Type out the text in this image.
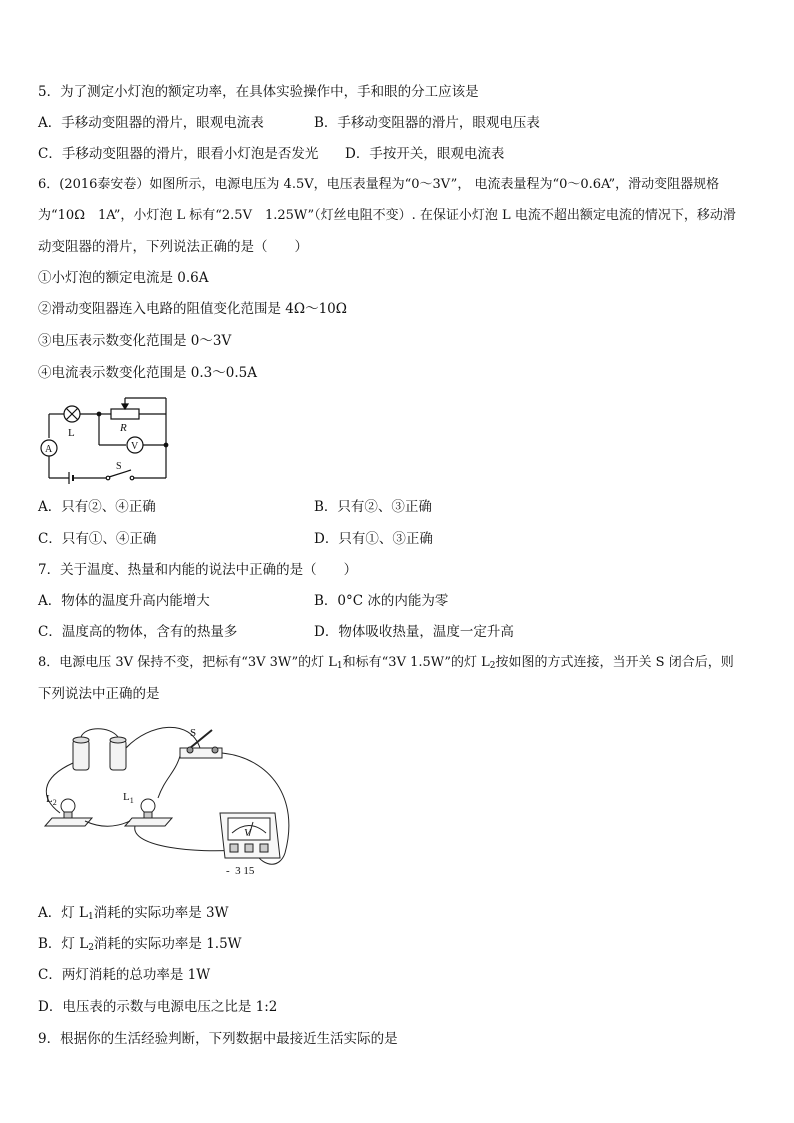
5．为了测定小灯泡的额定功率，在具体实验操作中，手和眼的分工应该是
A．手移动变阻器的滑片，眼观电流表	B．手移动变阻器的滑片，眼观电压表
C．手移动变阻器的滑片，眼看小灯泡是否发光 D．手按开关，眼观电流表
6．(2016泰安卷）如图所示，电源电压为 4.5V，电压表量程为“0～3V”， 电流表量程为“0～0.6A”，滑动变阻器规格
为“10Ω　1A”，小灯泡 L 标有“2.5V　1.25W”（灯丝电阻不变）. 在保证小灯泡 L 电流不超出额定电流的情况下，移动滑
动变阻器的滑片，下列说法正确的是（　　）
①小灯泡的额定电流是 0.6A
②滑动变阻器连入电路的阻值变化范围是 4Ω～10Ω
③电压表示数变化范围是 0～3V
④电流表示数变化范围是 0.3～0.5A
L	R
A	V
S
A．只有②、④正确	B．只有②、③正确
C．只有①、④正确	D．只有①、③正确
7．关于温度、热量和内能的说法中正确的是（　　）
A．物体的温度升高内能增大	B．0°C 冰的内能为零
C．温度高的物体，含有的热量多	D．物体吸收热量，温度一定升高
8．电源电压 3V 保持不变，把标有“3V 3W”的灯 $L_1$和标有“3V 1.5W”的灯 $L_2$按如图的方式连接，当开关 S 闭合后，则
下列说法中正确的是
S
$L_2$	$L_1$
V
-  3 15
A．灯 $L_1$消耗的实际功率是 3W
B．灯 $L_2$消耗的实际功率是 1.5W
C．两灯消耗的总功率是 1W
D．电压表的示数与电源电压之比是 1:2
9．根据你的生活经验判断，下列数据中最接近生活实际的是
